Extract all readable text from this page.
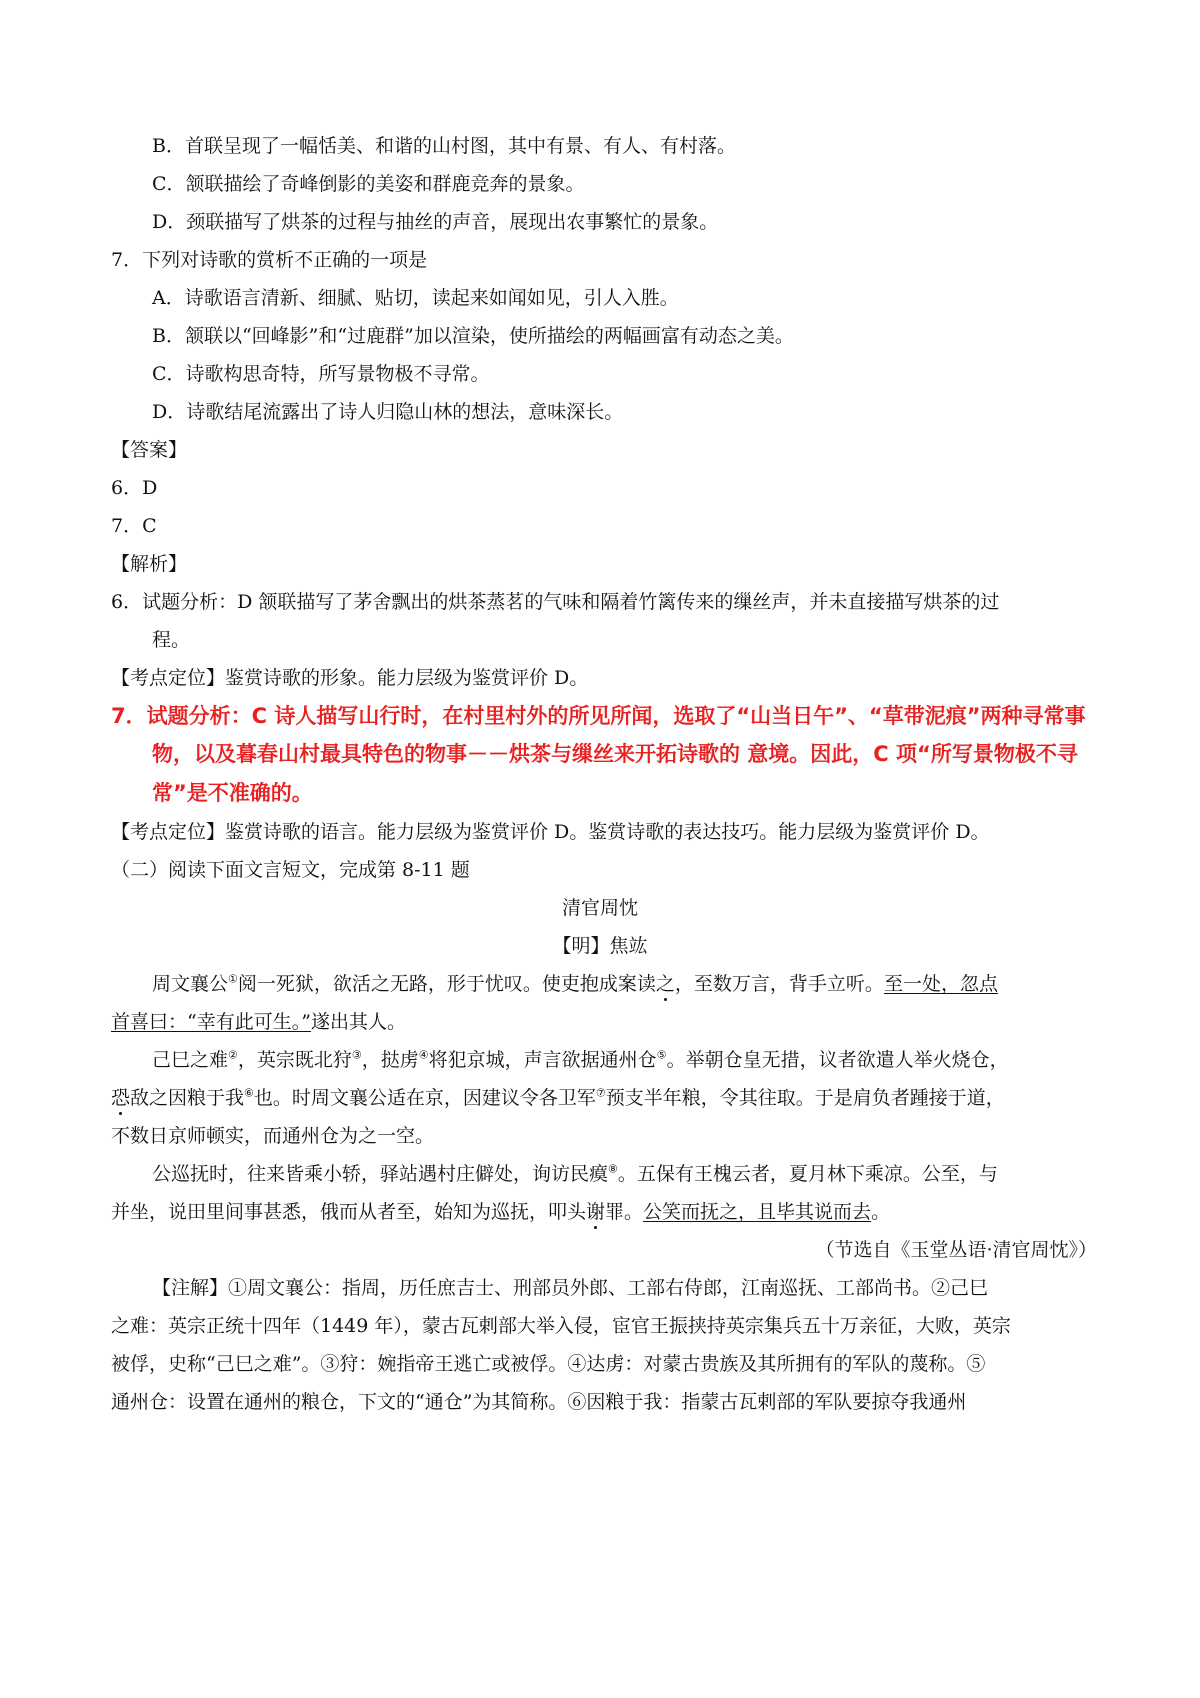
B．首联呈现了一幅恬美、和谐的山村图，其中有景、有人、有村落。
C．颔联描绘了奇峰倒影的美姿和群鹿竞奔的景象。
D．颈联描写了烘茶的过程与抽丝的声音，展现出农事繁忙的景象。
7．下列对诗歌的赏析不正确的一项是
A．诗歌语言清新、细腻、贴切，读起来如闻如见，引人入胜。
B．颔联以“回峰影”和“过鹿群”加以渲染，使所描绘的两幅画富有动态之美。
C．诗歌构思奇特，所写景物极不寻常。
D．诗歌结尾流露出了诗人归隐山林的想法，意味深长。
【答案】
6．D
7．C
【解析】
6．试题分析：D 颔联描写了茅舍飘出的烘茶蒸茗的气味和隔着竹篱传来的缫丝声，并未直接描写烘茶的过
程。
【考点定位】鉴赏诗歌的形象。能力层级为鉴赏评价 D。
7．试题分析：C 诗人描写山行时，在村里村外的所见所闻，选取了“山当日午”、“草带泥痕”两种寻常事
物，以及暮春山村最具特色的物事－－烘茶与缫丝来开拓诗歌的 意境。因此，C 项“所写景物极不寻
常”是不准确的。
【考点定位】鉴赏诗歌的语言。能力层级为鉴赏评价 D。鉴赏诗歌的表达技巧。能力层级为鉴赏评价 D。
（二）阅读下面文言短文，完成第 8-11 题
清官周忱
【明】焦竑
周文襄公①阅一死狱，欲活之无路，形于忧叹。使吏抱成案读之，至数万言，背手立听。至一处，忽点
首喜曰：“幸有此可生。”遂出其人。
己巳之难②，英宗既北狩③，挞虏④将犯京城，声言欲据通州仓⑤。举朝仓皇无措，议者欲遣人举火烧仓，
恐敌之因粮于我⑥也。时周文襄公适在京，因建议令各卫军⑦预支半年粮，令其往取。于是肩负者踵接于道，
不数日京师顿实，而通州仓为之一空。
公巡抚时，往来皆乘小轿，驿站遇村庄僻处，询访民瘼⑧。五保有王槐云者，夏月林下乘凉。公至，与
并坐，说田里间事甚悉，俄而从者至，始知为巡抚，叩头谢罪。公笑而抚之，且毕其说而去。
（节选自《玉堂丛语·清官周忱》）
【注解】①周文襄公：指周，历任庶吉士、刑部员外郎、工部右侍郎，江南巡抚、工部尚书。②己巳
之难：英宗正统十四年（1449 年），蒙古瓦剌部大举入侵，宦官王振挟持英宗集兵五十万亲征，大败，英宗
被俘，史称“己巳之难”。③狩：婉指帝王逃亡或被俘。④达虏：对蒙古贵族及其所拥有的军队的蔑称。⑤
通州仓：设置在通州的粮仓，下文的“通仓”为其简称。⑥因粮于我：指蒙古瓦剌部的军队要掠夺我通州
